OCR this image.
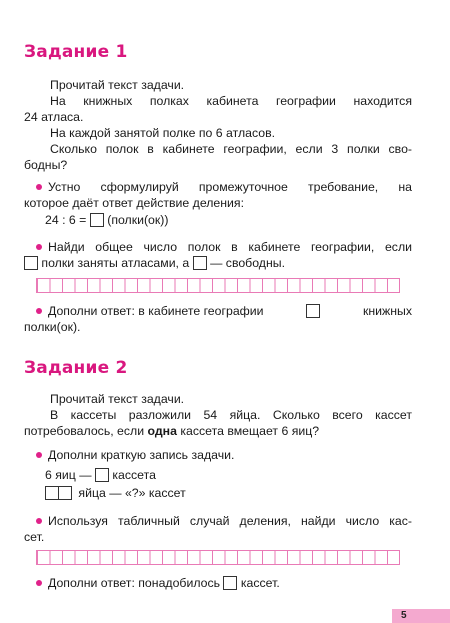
Задание 1
Прочитай текст задачи.
На книжных полках кабинета географии находится
24 атласа.
На каждой занятой полке по 6 атласов.
Сколько полок в кабинете географии, если 3 полки сво-
бодны?
Устно сформулируй промежуточное требование, на
которое даёт ответ действие деления:
24 : 6 = (полки(ок))
Найди общее число полок в кабинете географии, если
полки заняты атласами, а — свободны.
Дополни ответ: в кабинете географии	книжных
полки(ок).
Задание 2
Прочитай текст задачи.
В кассеты разложили 54 яйца. Сколько всего кассет
потребовалось, если одна кассета вмещает 6 яиц?
Дополни краткую запись задачи.
6 яиц — кассета
яйца — «?» кассет
Используя табличный случай деления, найди число кас-
сет.
Дополни ответ: понадобилось кассет.
5
